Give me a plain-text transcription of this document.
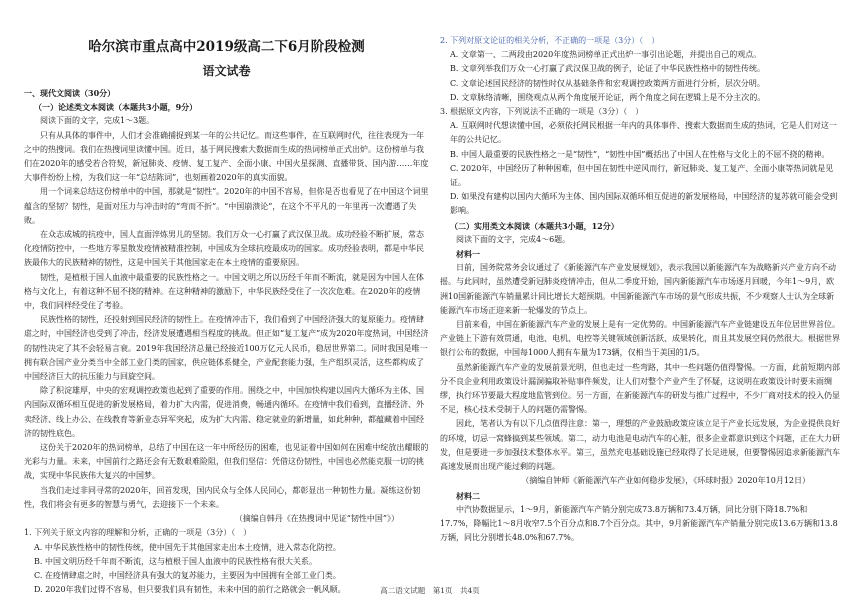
哈尔滨市重点高中2019级高二下6月阶段检测

语文试卷

一、现代文阅读（30分）

（一）论述类文本阅读（本题共3小题，9分）

阅读下面的文字，完成1～3题。

只有从具体的事件中，人们才会准确捕捉到某一年的公共记忆。而这些事件，在互联网时代，往往表现为一年之中的热搜词。我们在热搜词里读懂中国。近日，基于网民搜索大数据而生成的热词榜单正式出炉。这份榜单与我们在2020年的感受若合符契，新冠肺炎、疫情、复工复产、全面小康、中国火星探测、直播带货、国内游……年度大事件纷纷上榜，为我们这一年“总结陈词”，也刻画着2020年的真实面貌。

用一个词来总结这份榜单中的中国，那就是“韧性”。2020年的中国不容易，但你是否也看见了在中国这个词里蕴含的坚韧？韧性，是面对压力与冲击时的“弯而不折”。“中国崩溃论”，在这个不平凡的一年里再一次遭遇了失败。

在众志成城的抗疫中，国人直面淬炼男儿的坚韧。我们万众一心打赢了武汉保卫战。成功经验不断扩展，常态化疫情防控中，一些地方零星散发疫情被精准控制，中国成为全球抗疫最成功的国家。成功经验表明，都是中华民族最伟大的民族精神的韧性，这是中国关于其他国家走在本土疫情的重要原因。

韧性，是植根于国人血液中最重要的民族性格之一。中国文明之所以历经千年而不断流，就是因为中国人在体格与文化上，有着这种不屈不挠的精神。在这种精神的激励下，中华民族经受住了一次次危难。在2020年的疫情中，我们同样经受住了考验。

民族性格的韧性，还投射到国民经济的韧性上。在疫情冲击下，我们看到了中国经济强大的复原能力。疫情肆虐之时，中国经济也受到了冲击，经济发展遭遇相当程度的挑战。但正如“复工复产”成为2020年度热词，中国经济的韧性决定了其不会轻易言衰。2019年我国经济总量已经接近100万亿元人民币，稳居世界第二。同时我国是唯一拥有联合国产业分类当中全部工业门类的国家，供应链体系健全，产业配套能力强，生产组织灵活，这些都构成了中国经济巨大的抗压能力与回旋空间。

除了积淀雄厚，中央的宏观调控政策也起到了重要的作用。围绕之中，中国加快构建以国内大循环为主体、国内国际双循环相互促进的新发展格局，着力扩大内需，促进消费，畅通内循环。在疫情中我们看到，直播经济、外卖经济、线上办公、在线教育等新业态异军突起，成为扩大内需、稳定就业的新增量，如此种种，都蕴藏着中国经济的韧性底色。

这份关于2020年的热词榜单，总结了中国在这一年中所经历的困难，也见证着中国如何在困难中绽放出耀眼的光彩与力量。未来，中国前行之路还会有无数艰难险阻，但我们坚信：凭借这份韧性，中国也必然能克服一切的挑战，实现中华民族伟大复兴的中国梦。

当我们走过非同寻常的2020年，回首发现，国内民众与全体人民同心，都彰显出一种韧性力量。凝练这份韧性，我们将会有更多的智慧与勇气，去迎接下一个未来。

（摘编自韩丹《在热搜词中见证“韧性中国”》）

1. 下列关于原文内容的理解和分析，正确的一项是（3分）（　）

A. 中华民族性格中的韧性传统，使中国先于其他国家走出本土疫情，进入常态化防控。

B. 中国文明历经千年而不断流，这与植根于国人血液中的民族性格有很大关系。

C. 在疫情肆虐之时，中国经济具有强大的复苏能力，主要因为中国拥有全部工业门类。

D. 2020年我们过得不容易，但只要我们具有韧性，未来中国的前行之路就会一帆风顺。

2. 下列对原文论证的相关分析，不正确的一项是（3分）（　）

A. 文章第一、二两段由2020年度热词榜单正式出炉一事引出论题，并提出自己的观点。

B. 文章列举我们万众一心打赢了武汉保卫战的例子，论证了中华民族性格中的韧性传统。

C. 文章论述国民经济的韧性时仅从基础条件和宏观调控政策两方面进行分析，层次分明。

D. 文章脉络清晰，围绕观点从两个角度展开论证，两个角度之间在逻辑上是不分主次的。

3. 根据原文内容，下列说法不正确的一项是（3分）（　）

A. 互联网时代想读懂中国，必须依托网民根据一年内的具体事件、搜索大数据而生成的热词，它是人们对这一年的公共记忆。

B. 中国人最重要的民族性格之一是“韧性”，“韧性中国”概括出了中国人在性格与文化上的不屈不挠的精神。

C. 2020年，中国经历了种种困难，但中国在韧性中逆风而行，新冠肺炎、复工复产、全面小康等热词就是见证。

D. 如果没有建构以国内大循环为主体、国内国际双循环相互促进的新发展格局，中国经济的复苏就可能会受到影响。

（二）实用类文本阅读（本题共3小题，12分）

阅读下面的文字，完成4～6题。

材料一

日前，国务院常务会议通过了《新能源汽车产业发展规划》，表示我国以新能源汽车为战略新兴产业方向不动摇。与此同时，虽然遭受新冠肺炎疫情冲击，但从二季度开始，国内新能源汽车市场逐月回暖，今年1～9月，欧洲10国新能源汽车销量累计同比增长大超预期。中国新能源汽车市场的景气形成共振，不少观察人士认为全球新能源汽车市场正迎来新一轮爆发的节点上。

目前来看，中国在新能源汽车产业的发展上是有一定优势的。中国新能源汽车产业链建设五年位居世界首位。产业链上下游有效贯通，电池、电机、电控等关键领域创新活跃、成果转化，而且其发展空间仍然很大。根据世界银行公布的数据，中国每1000人拥有车量为173辆，仅相当于美国的1/5。

虽然新能源汽车产业的发展前景光明，但也走过一些弯路，其中一些问题仍值得警惕。一方面，此前短期内部分不良企业利用政策设计漏洞骗取补贴事件频发，让人们对整个产业产生了怀疑，这说明在政策设计时要未雨绸缪，执行环节要最大程度地监管到位。另一方面，在新能源汽车的研发与推广过程中，不少厂商对技术的投入仍显不足，核心技术受制于人的问题仍需警惕。

因此，笔者认为有以下几点值得注意：第一，理想的产业鼓励政策应该立足于产业长远发展，为企业提供良好的环境，切忌一窝蜂搞到某些领域。第二，动力电池是电动汽车的心脏，很多企业都意识到这个问题，正在大力研发，但是要进一步加强技术整体水平。第三，虽然充电基础设施已经取得了长足进展，但要警惕因追求新能源汽车高速发展而出现产能过剩的问题。

（摘编自钟师《新能源汽车产业如何稳步发展》，《环球时报》2020年10月12日）

材料二

中汽协数据显示，1～9月，新能源汽车产销分别完成73.8万辆和73.4万辆，同比分别下降18.7%和17.7%，降幅比1～8月收窄7.5个百分点和8.7个百分点。其中，9月新能源汽车产销量分别完成13.6万辆和13.8万辆，同比分别增长48.0%和67.7%。

高二语文试题　第1页　共4页
